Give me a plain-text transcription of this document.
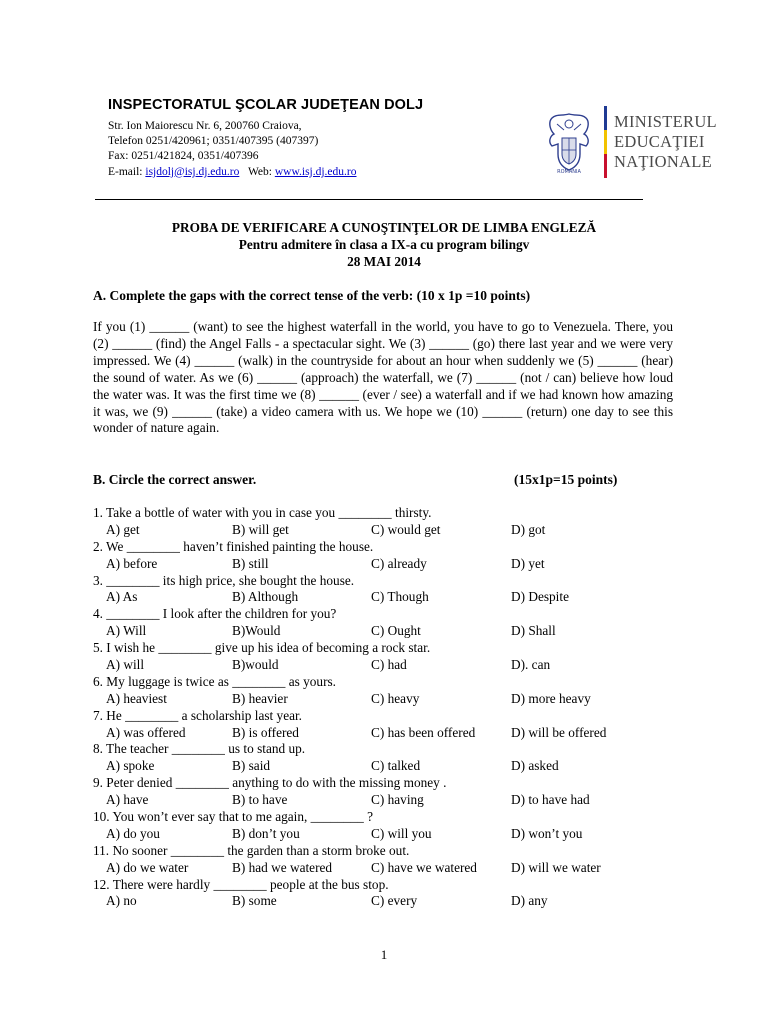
INSPECTORATUL ŞCOLAR JUDEŢEAN DOLJ
Str. Ion Maiorescu Nr. 6, 200760 Craiova,
Telefon 0251/420961; 0351/407395 (407397)
Fax: 0251/421824, 0351/407396
E-mail: isjdolj@isj.dj.edu.ro Web: www.isj.dj.edu.ro	ROMANIA
MINISTERUL
EDUCAŢIEI
NAŢIONALE
PROBA DE VERIFICARE A CUNOŞTINŢELOR DE LIMBA ENGLEZĂ
Pentru admitere în clasa a IX-a cu program bilingv
28 MAI 2014
A. Complete the gaps with the correct tense of the verb: (10 x 1p =10 points)
If you (1) ______ (want) to see the highest waterfall in the world, you have to go to Venezuela. There, you (2) ______ (find) the Angel Falls - a spectacular sight. We (3) ______ (go) there last year and we were very impressed. We (4) ______ (walk) in the countryside for about an hour when suddenly we (5) ______ (hear) the sound of water. As we (6) ______ (approach) the waterfall, we (7) ______ (not / can) believe how loud the water was. It was the first time we (8) ______ (ever / see) a waterfall and if we had known how amazing it was, we (9) ______ (take) a video camera with us. We hope we (10) ______ (return) one day to see this wonder of nature again.
B. Circle the correct answer.	(15x1p=15 points)
1. Take a bottle of water with you in case you ________ thirsty.
A) get	B) will get	C) would get	D) got
2. We ________ haven’t finished painting the house.
A) before	B) still	C) already	D) yet
3. ________ its high price, she bought the house.
A) As	B) Although	C) Though	D) Despite
4. ________ I look after the children for you?
A) Will	B)Would	C) Ought	D) Shall
5. I wish he ________ give up his idea of becoming a rock star.
A) will	B)would	C) had	D). can
6. My luggage is twice as ________ as yours.
A) heaviest	B) heavier	C) heavy	D) more heavy
7. He ________ a scholarship last year.
A) was offered	B) is offered	C) has been offered	D) will be offered
8. The teacher ________ us to stand up.
A) spoke	B) said	C) talked	D) asked
9. Peter denied ________ anything to do with the missing money .
A) have	B) to have	C) having	D) to have had
10. You won’t ever say that to me again, ________ ?
A) do you	B) don’t you	C) will you	D) won’t you
11. No sooner ________ the garden than a storm broke out.
A) do we water	B) had we watered	C) have we watered	D) will we water
12. There were hardly ________ people at the bus stop.
A) no	B) some	C) every	D) any
1
